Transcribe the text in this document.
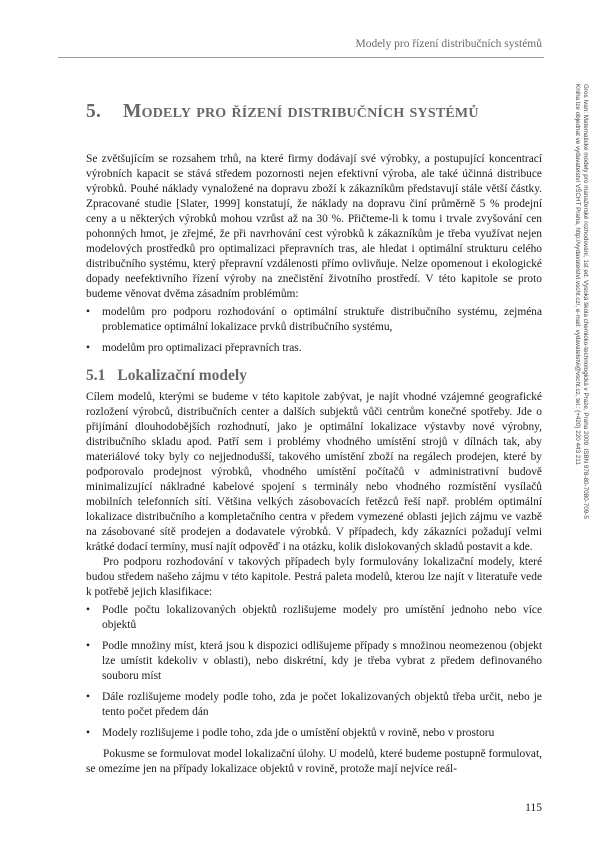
Modely pro řízení distribučních systémů
5. Modely pro řízení distribučních systémů	Gros Ivan: Matematické modely pro manažerské rozhodování, 1st ed. Vysoká škola chemicko-technologická v Praze, Praha 2009. ISBN 978-80-7080-709-5
Kniha lze objednat ve vydavatelství VŠCHT Praha, http://vydavatelstvi.vscht.cz/, e-mail: vydavatelstvi@vscht.cz, tel.: (+420) 220 443 211

Se zvětšujícím se rozsahem trhů, na které firmy dodávají své výrobky, a postupující koncentrací výrobních kapacit se stává středem pozornosti nejen efektivní výroba, ale také účinná distribuce výrobků. Pouhé náklady vynaložené na dopravu zboží k zákazníkům představují stále větší částky. Zpracované studie [Slater, 1999] konstatují, že náklady na dopravu činí průměrně 5 % prodejní ceny a u některých výrobků mohou vzrůst až na 30 %. Přičteme-li k tomu i trvale zvyšování cen pohonných hmot, je zřejmé, že při navrhování cest výrobků k zákazníkům je třeba využívat nejen modelových prostředků pro optimalizaci přepravních tras, ale hledat i optimální strukturu celého distribučního systému, který přepravní vzdálenosti přímo ovlivňuje. Nelze opomenout i ekologické dopady neefektivního řízení výroby na znečistění životního prostředí. V této kapitole se proto budeme věnovat dvěma zásadním problémům:

• modelům pro podporu rozhodování o optimální struktuře distribučního systému, zejména problematice optimální lokalizace prvků distribučního systému,
• modelům pro optimalizaci přepravních tras.
5.1 Lokalizační modely

Cílem modelů, kterými se budeme v této kapitole zabývat, je najít vhodné vzájemné geografické rozložení výrobců, distribučních center a dalších subjektů vůči centrům konečné spotřeby. Jde o přijímání dlouhodobějších rozhodnutí, jako je optimální lokalizace výstavby nové výrobny, distribučního skladu apod. Patří sem i problémy vhodného umístění strojů v dílnách tak, aby materiálové toky byly co nejjednodušší, takového umístění zboží na regálech prodejen, které by podporovalo prodejnost výrobků, vhodného umístění počítačů v administrativní budově minimalizující náklradné kabelové spojení s terminály nebo vhodného rozmístění vysílačů mobilních telefonních sítí. Většina velkých zásobovacích řetězců řeší např. problém optimální lokalizace distribučního a kompletačního centra v předem vymezené oblasti jejich zájmu ve vazbě na zásobované sítě prodejen a dodavatele výrobků. V případech, kdy zákazníci požadují velmi krátké dodací termíny, musí najít odpověď i na otázku, kolik dislokovaných skladů postavit a kde.

Pro podporu rozhodování v takových případech byly formulovány lokalizační modely, které budou středem našeho zájmu v této kapitole. Pestrá paleta modelů, kterou lze najít v literatuře vede k potřebě jejich klasifikace:

• Podle počtu lokalizovaných objektů rozlišujeme modely pro umístění jednoho nebo více objektů
• Podle množiny míst, která jsou k dispozici odlišujeme případy s množinou neomezenou (objekt lze umístit kdekoliv v oblasti), nebo diskrétní, kdy je třeba vybrat z předem definovaného souboru míst
• Dále rozlišujeme modely podle toho, zda je počet lokalizovaných objektů třeba určit, nebo je tento počet předem dán
• Modely rozlišujeme i podle toho, zda jde o umístění objektů v rovině, nebo v prostoru

Pokusme se formulovat model lokalizační úlohy. U modelů, které budeme postupně formulovat, se omezíme jen na případy lokalizace objektů v rovině, protože mají nejvíce reál-

115
